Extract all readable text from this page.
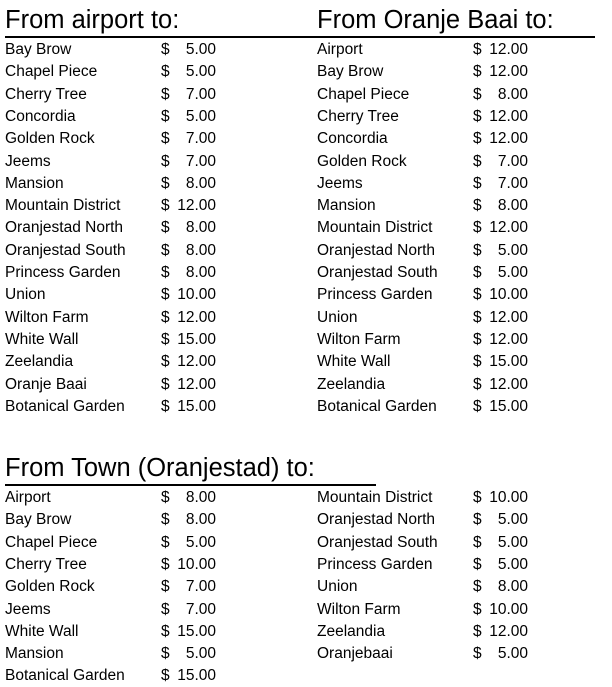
From airport to:	From Oranje Baai to:
From Town (Oranjestad) to:
Bay Brow	$ 5.00
Chapel Piece	$ 5.00
Cherry Tree	$ 7.00
Concordia	$ 5.00
Golden Rock	$ 7.00
Jeems	$ 7.00
Mansion	$ 8.00
Mountain District	$ 12.00
Oranjestad North $ 8.00
Oranjestad South $ 8.00
Princess Garden	$ 8.00
Union	$ 10.00
Wilton Farm	$ 12.00
White Wall	$ 15.00
Zeelandia	$ 12.00
Oranje Baai	$ 12.00
Botanical Garden $ 15.00
Airport	$ 12.00
Bay Brow	$ 12.00
Chapel Piece	$ 8.00
Cherry Tree	$ 12.00
Concordia	$ 12.00
Golden Rock	$ 7.00
Jeems	$ 7.00
Mansion	$ 8.00
Mountain District	$ 12.00
Oranjestad North $ 5.00
Oranjestad South $ 5.00
Princess Garden	$ 10.00
Union	$ 12.00
Wilton Farm	$ 12.00
White Wall	$ 15.00
Zeelandia	$ 12.00
Botanical Garden $ 15.00
Airport	$ 8.00
Bay Brow	$ 8.00
Chapel Piece	$ 5.00
Cherry Tree	$ 10.00
Golden Rock	$ 7.00
Jeems	$ 7.00
White Wall	$ 15.00
Mansion	$ 5.00
Botanical Garden $ 15.00
Mountain District	$ 10.00
Oranjestad North $ 5.00
Oranjestad South $ 5.00
Princess Garden	$ 5.00
Union	$ 8.00
Wilton Farm	$ 10.00
Zeelandia	$ 12.00
Oranjebaai	$ 5.00
